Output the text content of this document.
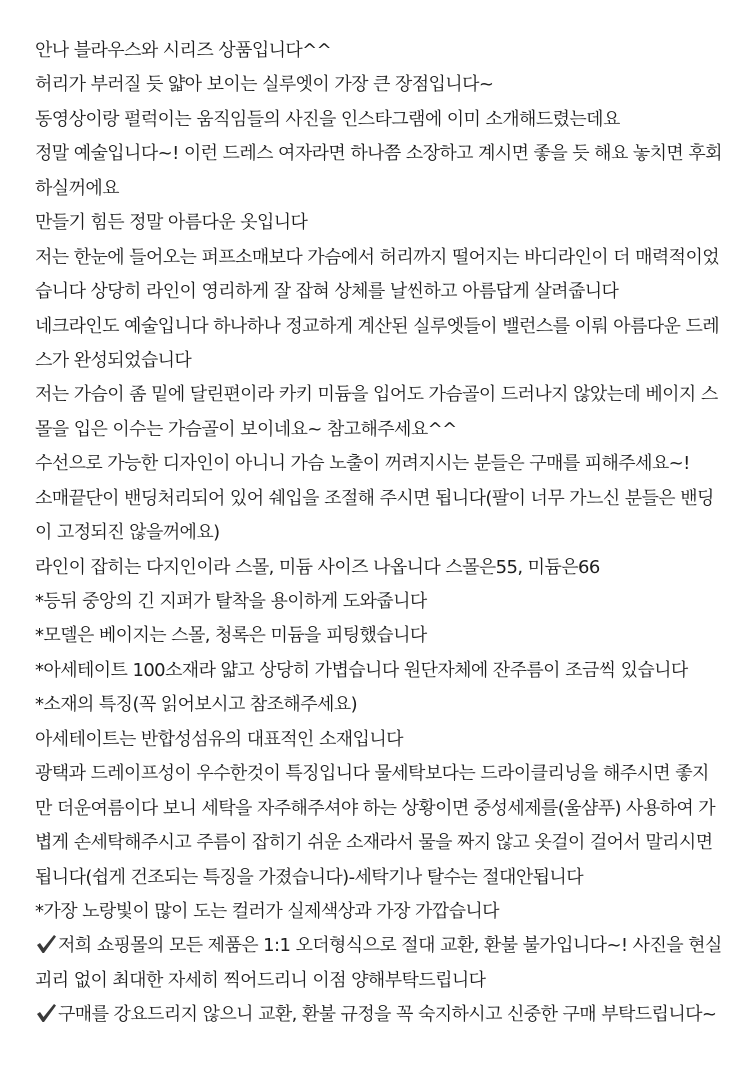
안나 블라우스와 시리즈 상품입니다^^
허리가 부러질 듯 얇아 보이는 실루엣이 가장 큰 장점입니다~
동영상이랑 펄럭이는 움직임들의 사진을 인스타그램에 이미 소개해드렸는데요
정말 예술입니다~! 이런 드레스 여자라면 하나쯤 소장하고 계시면 좋을 듯 해요 놓치면 후회
하실꺼에요
만들기 힘든 정말 아름다운 옷입니다
저는 한눈에 들어오는 퍼프소매보다 가슴에서 허리까지 떨어지는 바디라인이 더 매력적이었
습니다 상당히 라인이 영리하게 잘 잡혀 상체를 날씬하고 아름답게 살려줍니다
네크라인도 예술입니다 하나하나 정교하게 계산된 실루엣들이 밸런스를 이뤄 아름다운 드레
스가 완성되었습니다
저는 가슴이 좀 밑에 달린편이라 카키 미듐을 입어도 가슴골이 드러나지 않았는데 베이지 스
몰을 입은 이수는 가슴골이 보이네요~ 참고해주세요^^
수선으로 가능한 디자인이 아니니 가슴 노출이 꺼려지시는 분들은 구매를 피해주세요~!
소매끝단이 밴딩처리되어 있어 쉐입을 조절해 주시면 됩니다(팔이 너무 가느신 분들은 밴딩
이 고정되진 않을꺼에요)
라인이 잡히는 다지인이라 스몰, 미듐 사이즈 나옵니다 스몰은55, 미듐은66
*등뒤 중앙의 긴 지퍼가 탈착을 용이하게 도와줍니다
*모델은 베이지는 스몰, 청록은 미듐을 피팅했습니다
*아세테이트 100소재라 얇고 상당히 가볍습니다 원단자체에 잔주름이 조금씩 있습니다
*소재의 특징(꼭 읽어보시고 참조해주세요)
아세테이트는 반합성섬유의 대표적인 소재입니다
광택과 드레이프성이 우수한것이 특징입니다 물세탁보다는 드라이클리닝을 해주시면 좋지
만 더운여름이다 보니 세탁을 자주해주셔야 하는 상황이면 중성세제를(울샴푸) 사용하여 가
볍게 손세탁해주시고 주름이 잡히기 쉬운 소재라서 물을 짜지 않고 옷걸이 걸어서 말리시면
됩니다(쉽게 건조되는 특징을 가졌습니다)-세탁기나 탈수는 절대안됩니다
*가장 노랑빛이 많이 도는 컬러가 실제색상과 가장 가깝습니다
저희 쇼핑몰의 모든 제품은 1:1 오더형식으로 절대 교환, 환불 불가입니다~! 사진을 현실
괴리 없이 최대한 자세히 찍어드리니 이점 양해부탁드립니다
구매를 강요드리지 않으니 교환, 환불 규정을 꼭 숙지하시고 신중한 구매 부탁드립니다~
